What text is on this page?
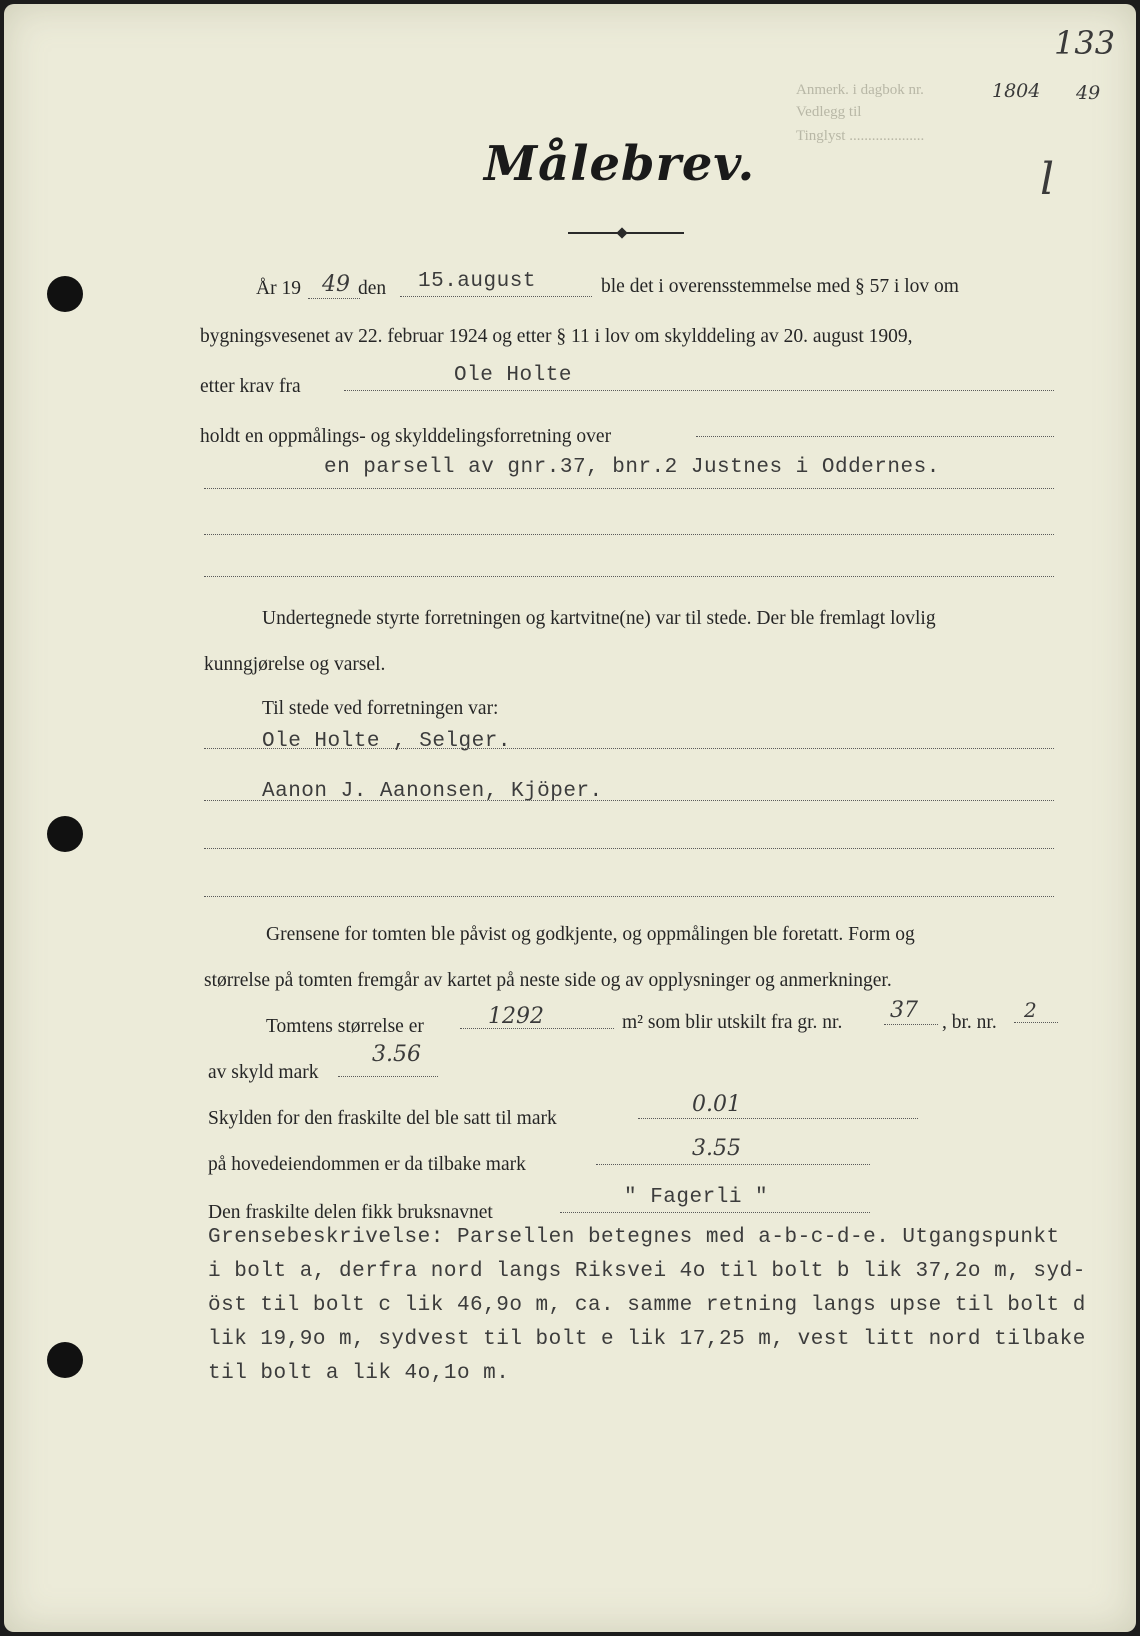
133
Anmerk. i dagbok nr.	1804 49
Vedlegg til
Tinglyst ....................
l
Målebrev.
År 19 49 den 15.august	ble det i overensstemmelse med § 57 i lov om
bygningsvesenet av 22. februar 1924 og etter § 11 i lov om skylddeling av 20. august 1909,
etter krav fra	Ole Holte
holdt en oppmålings- og skylddelingsforretning over
en parsell av gnr.37, bnr.2 Justnes i Oddernes.
Undertegnede styrte forretningen og kartvitne(ne) var til stede. Der ble fremlagt lovlig
kunngjørelse og varsel.
Til stede ved forretningen var:
Ole Holte , Selger.
Aanon J. Aanonsen, Kjöper.
Grensene for tomten ble påvist og godkjente, og oppmålingen ble foretatt. Form og
størrelse på tomten fremgår av kartet på neste side og av opplysninger og anmerkninger.
Tomtens størrelse er	1292	m² som blir utskilt fra gr. nr. 37 , br. nr.
2
av skyld mark
3.56
Skylden for den fraskilte del ble satt til mark
0.01
på hovedeiendommen er da tilbake mark
3.55
Den fraskilte delen fikk bruksnavnet
" Fagerli "
Grensebeskrivelse: Parsellen betegnes med a-b-c-d-e. Utgangspunkt
i bolt a, derfra nord langs Riksvei 4o til bolt b lik 37,2o m, syd-
öst til bolt c lik 46,9o m, ca. samme retning langs upse til bolt d
lik 19,9o m, sydvest til bolt e lik 17,25 m, vest litt nord tilbake
til bolt a lik 4o,1o m.
